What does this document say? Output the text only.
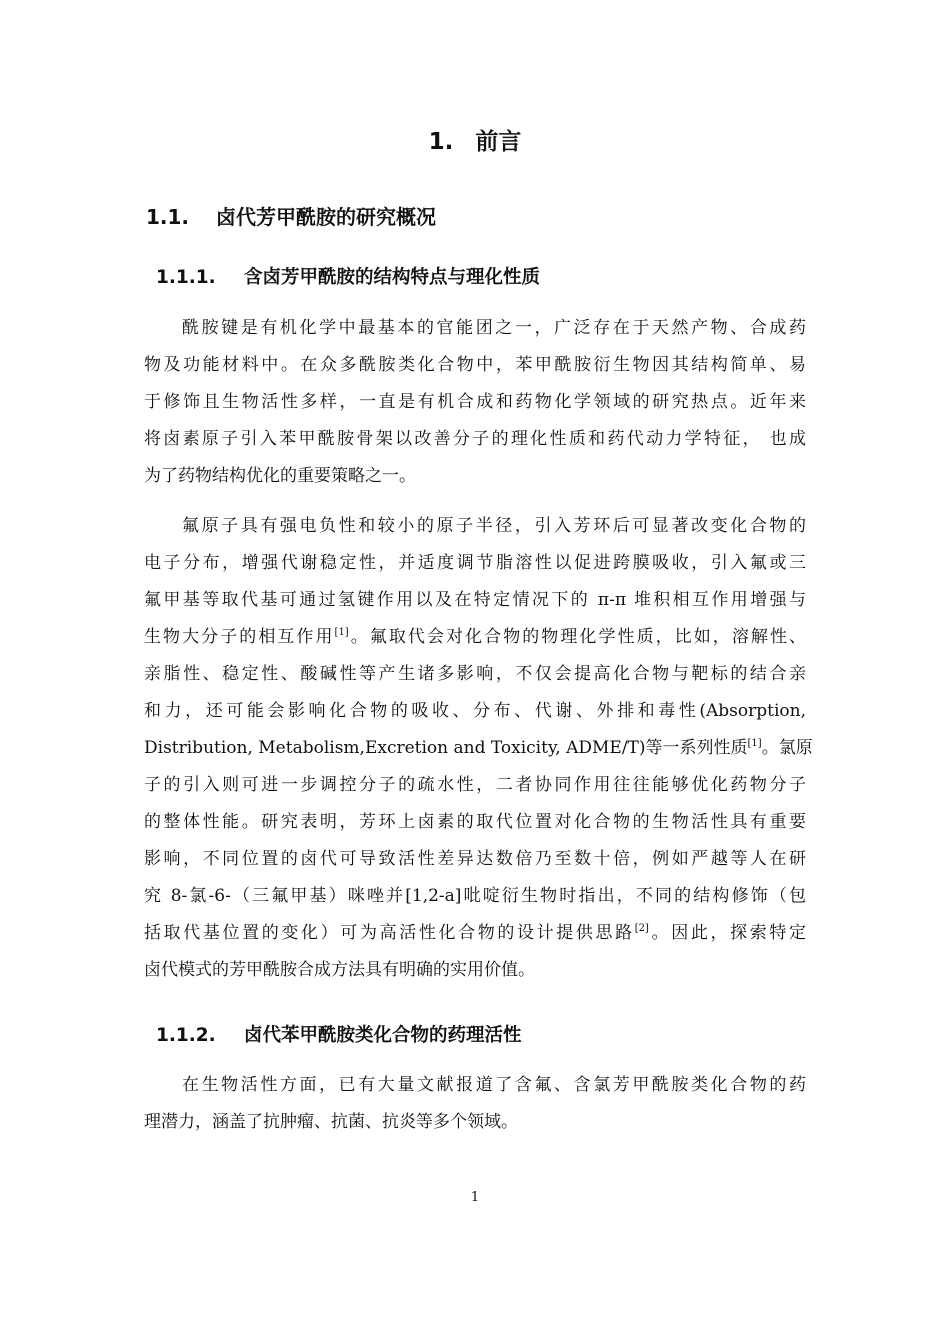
1. 前言
1.1. 卤代芳甲酰胺的研究概况
1.1.1. 含卤芳甲酰胺的结构特点与理化性质
酰胺键是有机化学中最基本的官能团之一，广泛存在于天然产物、合成药
物及功能材料中。在众多酰胺类化合物中，苯甲酰胺衍生物因其结构简单、易
于修饰且生物活性多样，一直是有机合成和药物化学领域的研究热点。近年来
将卤素原子引入苯甲酰胺骨架以改善分子的理化性质和药代动力学特征， 也成
为了药物结构优化的重要策略之一。
氟原子具有强电负性和较小的原子半径，引入芳环后可显著改变化合物的
电子分布，增强代谢稳定性，并适度调节脂溶性以促进跨膜吸收，引入氟或三
氟甲基等取代基可通过氢键作用以及在特定情况下的 π-π 堆积相互作用增强与
生物大分子的相互作用[1]。氟取代会对化合物的物理化学性质，比如，溶解性、
亲脂性、稳定性、酸碱性等产生诸多影响，不仅会提高化合物与靶标的结合亲
和力，还可能会影响化合物的吸收、分布、代谢、外排和毒性(Absorption,
Distribution, Metabolism,Excretion and Toxicity, ADME/T)等一系列性质[1]。氯原
子的引入则可进一步调控分子的疏水性，二者协同作用往往能够优化药物分子
的整体性能。研究表明，芳环上卤素的取代位置对化合物的生物活性具有重要
影响，不同位置的卤代可导致活性差异达数倍乃至数十倍，例如严越等人在研
究 8-氯-6-（三氟甲基）咪唑并[1,2-a]吡啶衍生物时指出，不同的结构修饰（包
括取代基位置的变化）可为高活性化合物的设计提供思路[2]。因此，探索特定
卤代模式的芳甲酰胺合成方法具有明确的实用价值。
1.1.2. 卤代苯甲酰胺类化合物的药理活性
在生物活性方面，已有大量文献报道了含氟、含氯芳甲酰胺类化合物的药
理潜力，涵盖了抗肿瘤、抗菌、抗炎等多个领域。
1
